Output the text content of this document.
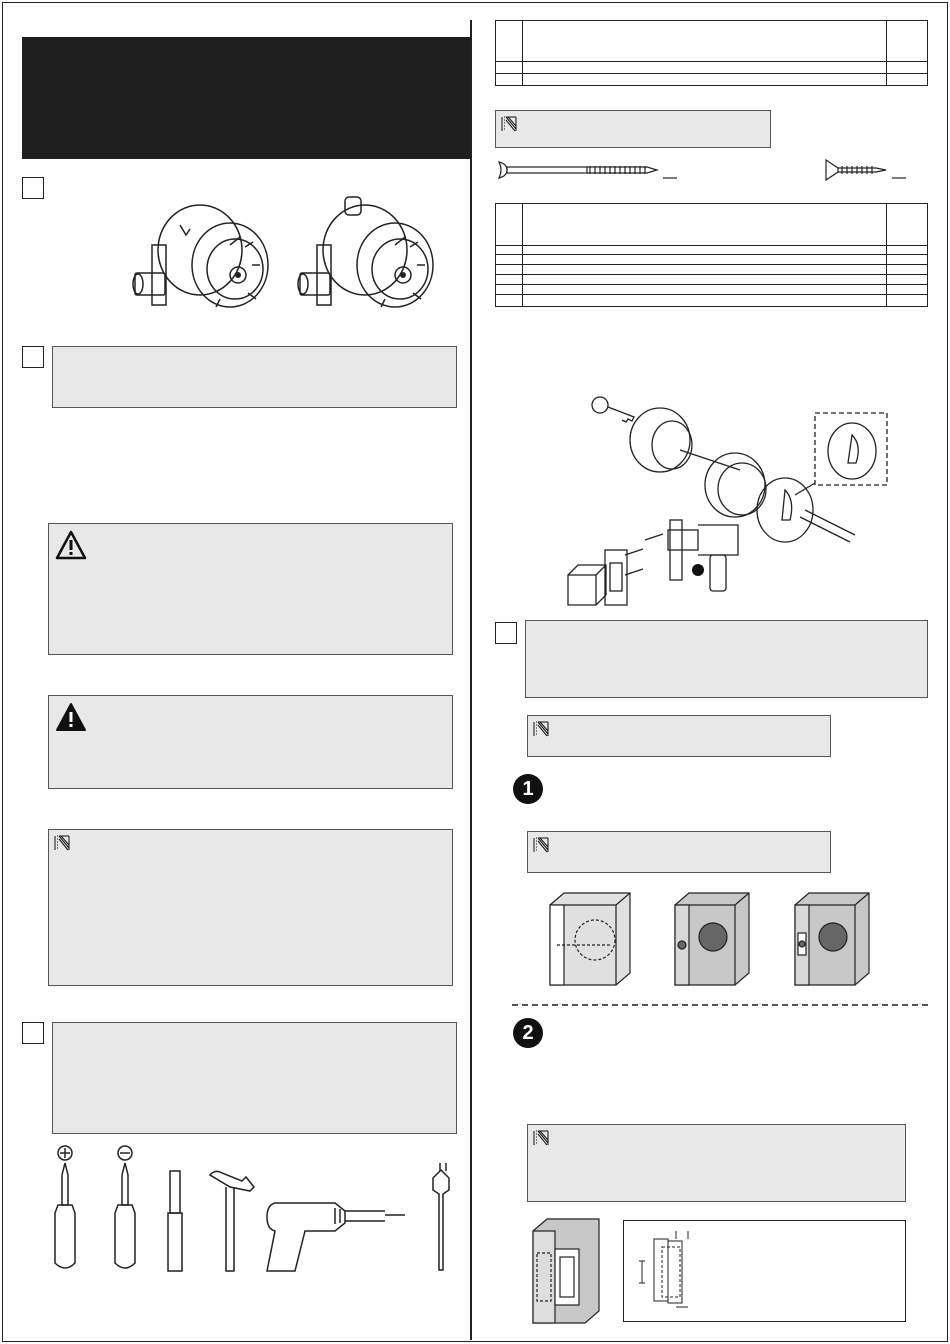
1
2
